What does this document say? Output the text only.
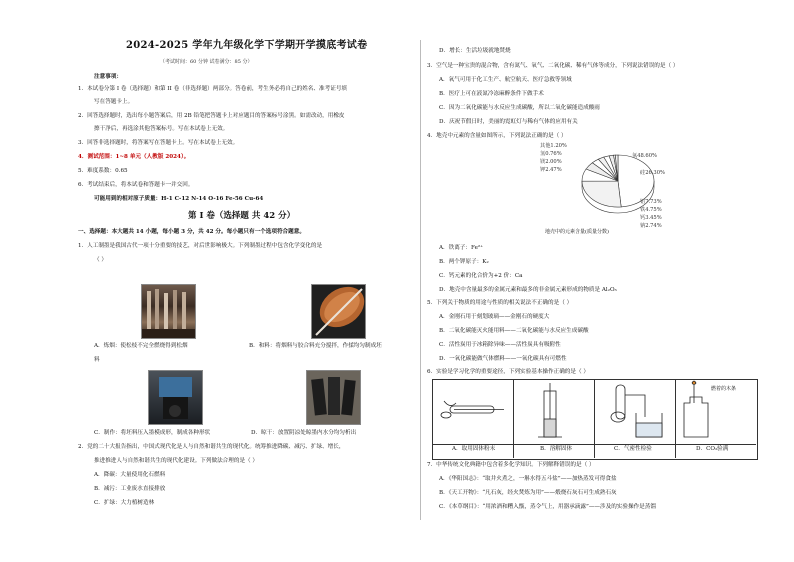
2024-2025 学年九年级化学下学期开学摸底考试卷
（考试时间：60 分钟 试卷满分：85 分）
注意事项：
1．本试卷分第 I 卷（选择题）和第 II 卷（非选择题）两部分。答卷前，考生务必将自己的姓名、准考证号填
写在答题卡上。
2．回答选择题时，选出每小题答案后，用 2B 铅笔把答题卡上对应题目的答案标号涂黑。如需改动，用橡皮
擦干净后，再选涂其他答案标号。写在本试卷上无效。
3．回答非选择题时，将答案写在答题卡上。写在本试卷上无效。
4．测试范围：1~8 单元（人教版 2024）。
5．难度系数：0.65
6．考试结束后，将本试卷和答题卡一并交回。
可能用到的相对原子质量：H-1 C-12 N-14 O-16 Fe-56 Cu-64
第 I 卷（选择题 共 42 分）
一、选择题：本大题共 14 小题，每小题 3 分，共 42 分。每小题只有一个选项符合题意。
1．人工制墨是我国古代一项十分重要的技艺，对后世影响极大。下列制墨过程中包含化学变化的是
（ ）
A．炼烟：使松枝不完全燃烧得到松烟	B．和料：将烟料与胶合料充分搅拌，作揉均匀制成坯
料
C．制作：将坯料压入墨模成形，制成各种形状	D．晾干：放置阴凉处晾墨内水分均匀析出
2．党的二十大报告指出，中国式现代化是人与自然和谐共生的现代化。统筹推进降碳、减污、扩绿、增长，
推进推进人与自然和谐共生的现代化建设。下列做法合理的是（ ）
A．降碳：大量使用化石燃料
B．减污：工业废水直接排放
C．扩绿：大力植树造林
D．增长：生活垃圾就地焚烧
3．空气是一种宝贵的混合物，含有氮气、氧气、二氧化碳、稀有气体等成分，下列说法错误的是（ ）
A．氧气可用于化工生产、航空航天、医疗急救等领域
B．医疗上可在液氮冷冻麻醉条件下做手术
C．因为二氧化碳能与水反应生成碳酸，所以二氧化碳能造成酸雨
D．庆祝节假日时，美丽的霓虹灯与稀有气体的应用有关
4．地壳中元素的含量如图所示，下列说法正确的是（ ）
氧48.60%
硅26.30%
铝7.73%
铁4.75%
钙3.45%
钠2.74%
钾2.47%
镁2.00%
氢0.76%
其他1.20%
地壳中的元素含量(质量分数)
A．铁离子：Fe²⁺
B．两个钾原子：K₂
C．钙元素的化合价为+2 价：Ca
D．地壳中含量最多的金属元素和最多的非金属元素形成的物质是 Al₂O₃
5．下列关于物质的用途与性质的相关说法不正确的是（ ）
A．金刚石用于刻划玻璃——金刚石的硬度大
B．二氧化碳能灭火能用料——二氧化碳能与水反应生成碳酸
C．活性炭用于冰箱除异味——活性炭具有吸附性
D．一氧化碳能做气体燃料——一氧化碳具有可燃性
6．实验是学习化学的重要途径，下列实验基本操作正确的是（ ）
燃着的木条
A．取用固体粉末	B．溶解固体	C．气密性检验	D．CO₂验满
7．中华传统文化典籍中包含着多化学知识。下列解释错误的是（ ）
A．《华阳国志》：“取井火煮之，一斛水得五斗盐”——加热蒸发可得食盐
B．《天工开物》：“凡石灰，经火焚炼为用”——煅烧石灰石可生成熟石灰
C．《本草纲目》：“用浓酒和糟入甑，蒸令气上，用器承滴露”——涉及的实验操作是蒸馏
